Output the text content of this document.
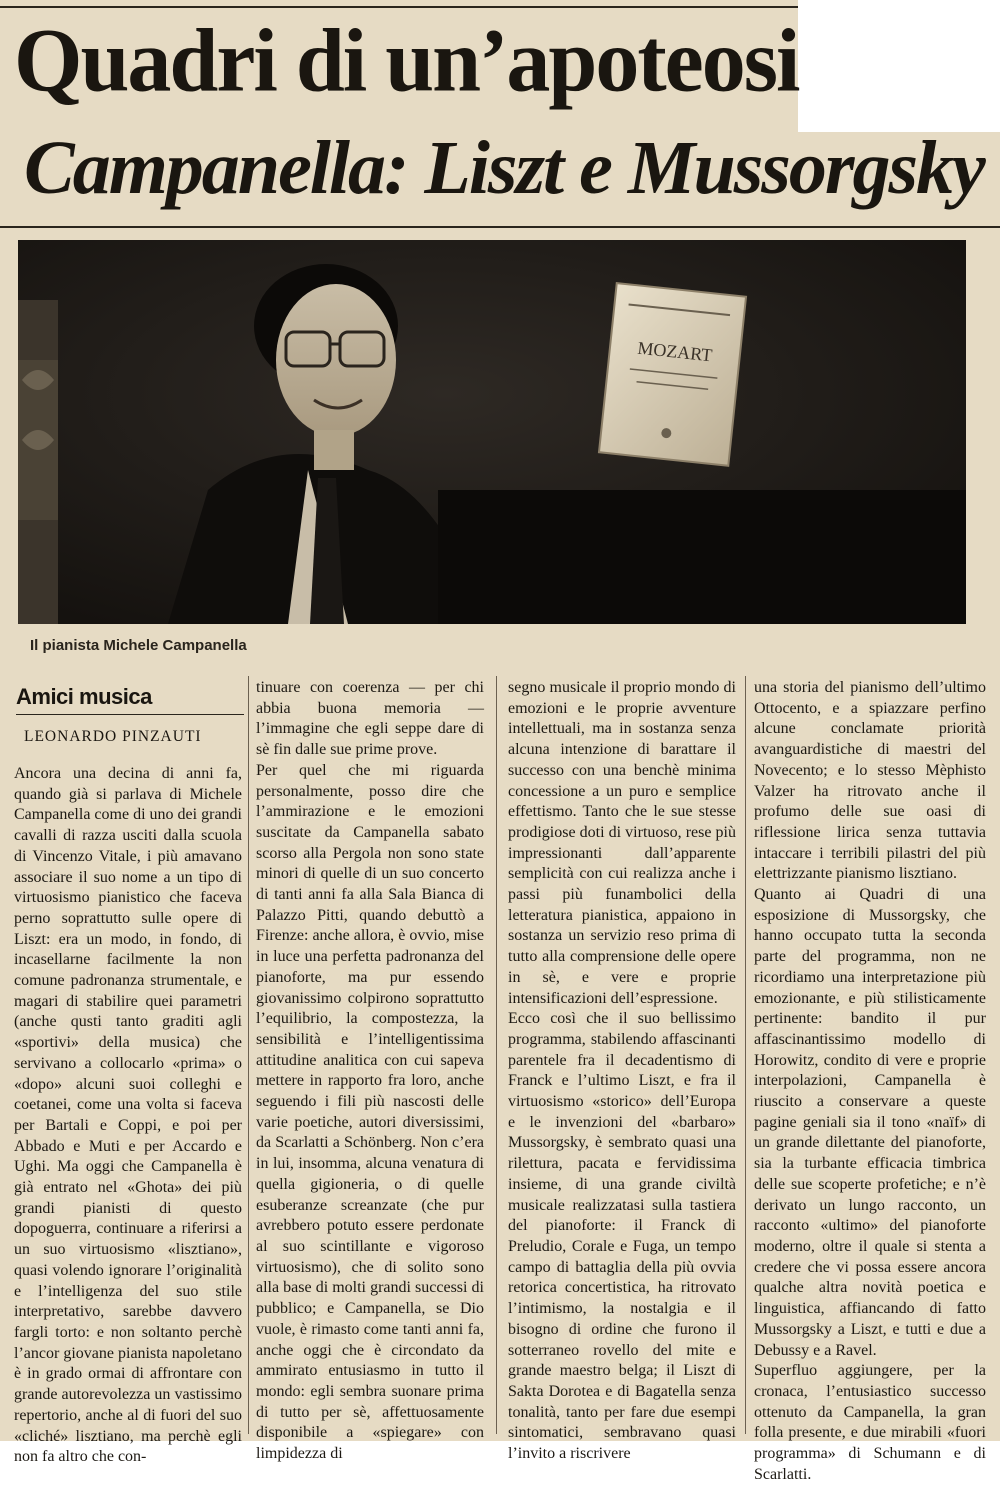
Quadri di un’apoteosi
Campanella: Liszt e Mussorgsky
MOZART
Il pianista Michele Campanella
Amici musica
LEONARDO PINZAUTI
Ancora una decina di anni fa, quando già si parlava di Michele Campanella come di uno dei grandi cavalli di razza usciti dalla scuola di Vincenzo Vitale, i più amavano associare il suo nome a un tipo di virtuosismo pianistico che faceva perno soprattutto sulle opere di Liszt: era un modo, in fondo, di incasellarne facilmente la non comune padronanza strumentale, e magari di stabilire quei parametri (anche qusti tanto graditi agli «sportivi» della musica) che servivano a collocarlo «prima» o «dopo» alcuni suoi colleghi e coetanei, come una volta si faceva per Bartali e Coppi, e poi per Abbado e Muti e per Accardo e Ughi. Ma oggi che Campanella è già entrato nel «Ghota» dei più grandi pianisti di questo dopoguerra, continuare a riferirsi a un suo virtuosismo «lisztiano», quasi volendo ignorare l’originalità e l’intelligenza del suo stile interpretativo, sarebbe davvero fargli torto: e non soltanto perchè l’ancor giovane pianista napoletano è in grado ormai di affrontare con grande autorevolezza un vastissimo repertorio, anche al di fuori del suo «cliché» lisztiano, ma perchè egli non fa altro che con-
tinuare con coerenza — per chi abbia buona memoria — l’immagine che egli seppe dare di sè fin dalle sue prime prove.
Per quel che mi riguarda personalmente, posso dire che l’ammirazione e le emozioni suscitate da Campanella sabato scorso alla Pergola non sono state minori di quelle di un suo concerto di tanti anni fa alla Sala Bianca di Palazzo Pitti, quando debuttò a Firenze: anche allora, è ovvio, mise in luce una perfetta padronanza del pianoforte, ma pur essendo giovanissimo colpirono soprattutto l’equilibrio, la compostezza, la sensibilità e l’intelligentissima attitudine analitica con cui sapeva mettere in rapporto fra loro, anche seguendo i fili più nascosti delle varie poetiche, autori diversissimi, da Scarlatti a Schönberg. Non c’era in lui, insomma, alcuna venatura di quella gigioneria, o di quelle esuberanze screanzate (che pur avrebbero potuto essere perdonate al suo scintillante e vigoroso virtuosismo), che di solito sono alla base di molti grandi successi di pubblico; e Campanella, se Dio vuole, è rimasto come tanti anni fa, anche oggi che è circondato da ammirato entusiasmo in tutto il mondo: egli sembra suonare prima di tutto per sè, affettuosamente disponibile a «spiegare» con limpidezza di
segno musicale il proprio mondo di emozioni e le proprie avventure intellettuali, ma in sostanza senza alcuna intenzione di barattare il successo con una benchè minima concessione a un puro e semplice effettismo. Tanto che le sue stesse prodigiose doti di virtuoso, rese più impressionanti dall’apparente semplicità con cui realizza anche i passi più funambolici della letteratura pianistica, appaiono in sostanza un servizio reso prima di tutto alla comprensione delle opere in sè, e vere e proprie intensificazioni dell’espressione.
Ecco così che il suo bellissimo programma, stabilendo affascinanti parentele fra il decadentismo di Franck e l’ultimo Liszt, e fra il virtuosismo «storico» dell’Europa e le invenzioni del «barbaro» Mussorgsky, è sembrato quasi una rilettura, pacata e fervidissima insieme, di una grande civiltà musicale realizzatasi sulla tastiera del pianoforte: il Franck di Preludio, Corale e Fuga, un tempo campo di battaglia della più ovvia retorica concertistica, ha ritrovato l’intimismo, la nostalgia e il bisogno di ordine che furono il sotterraneo rovello del mite e grande maestro belga; il Liszt di Sakta Dorotea e di Bagatella senza tonalità, tanto per fare due esempi sintomatici, sembravano quasi l’invito a riscrivere
una storia del pianismo dell’ultimo Ottocento, e a spiazzare perfino alcune conclamate priorità avanguardistiche di maestri del Novecento; e lo stesso Mèphisto Valzer ha ritrovato anche il profumo delle sue oasi di riflessione lirica senza tuttavia intaccare i terribili pilastri del più elettrizzante pianismo lisztiano.
Quanto ai Quadri di una esposizione di Mussorgsky, che hanno occupato tutta la seconda parte del programma, non ne ricordiamo una interpretazione più emozionante, e più stilisticamente pertinente: bandito il pur affascinantissimo modello di Horowitz, condito di vere e proprie interpolazioni, Campanella è riuscito a conservare a queste pagine geniali sia il tono «naïf» di un grande dilettante del pianoforte, sia la turbante efficacia timbrica delle sue scoperte profetiche; e n’è derivato un lungo racconto, un racconto «ultimo» del pianoforte moderno, oltre il quale si stenta a credere che vi possa essere ancora qualche altra novità poetica e linguistica, affiancando di fatto Mussorgsky a Liszt, e tutti e due a Debussy e a Ravel.
Superfluo aggiungere, per la cronaca, l’entusiastico successo ottenuto da Campanella, la gran folla presente, e due mirabili «fuori programma» di Schumann e di Scarlatti.
